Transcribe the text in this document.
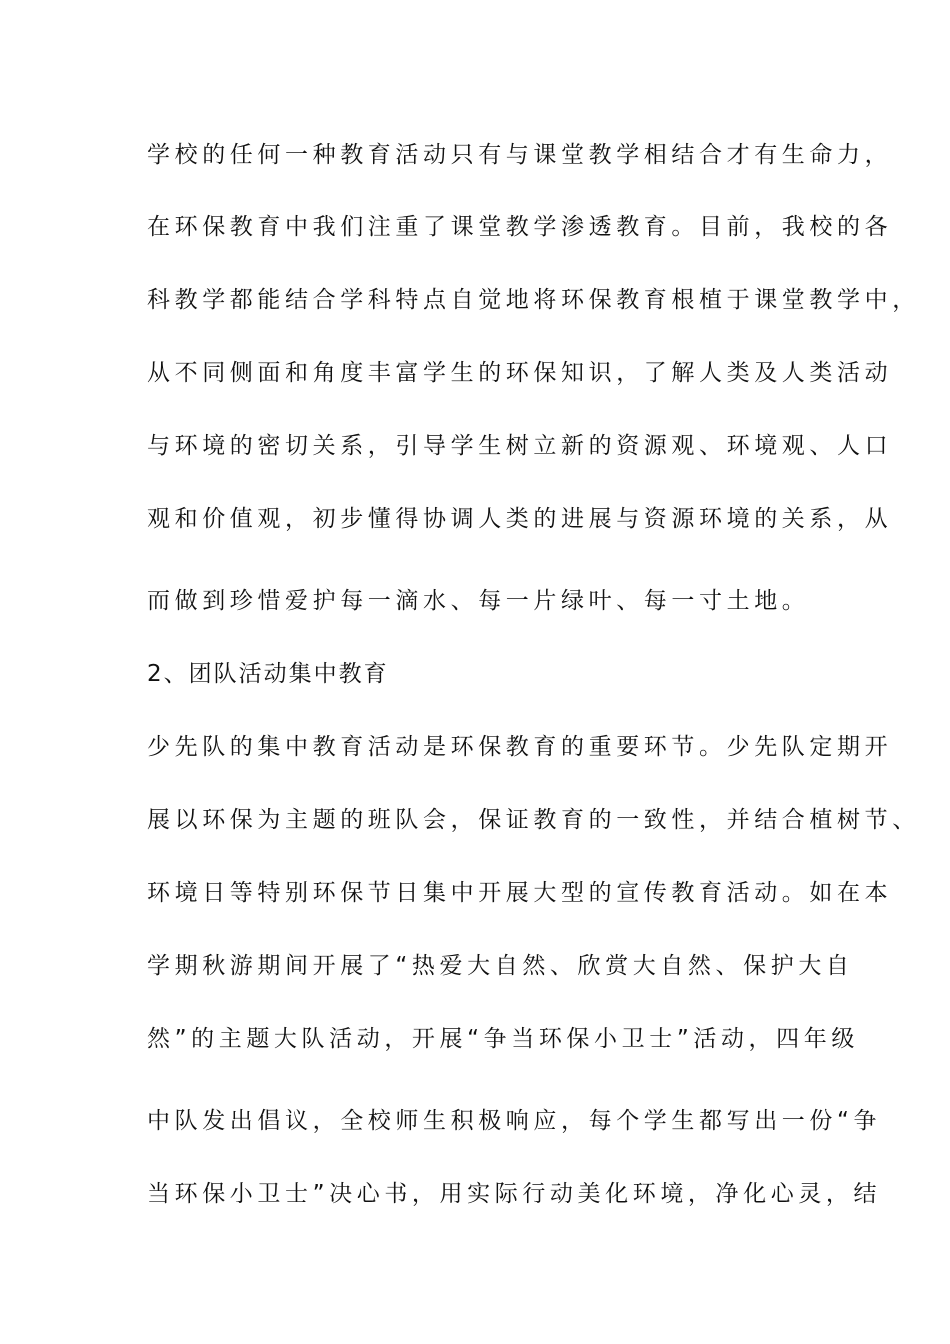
学校的任何一种教育活动只有与课堂教学相结合才有生命力，
在环保教育中我们注重了课堂教学渗透教育。目前，我校的各
科教学都能结合学科特点自觉地将环保教育根植于课堂教学中，
从不同侧面和角度丰富学生的环保知识，了解人类及人类活动
与环境的密切关系，引导学生树立新的资源观、环境观、人口
观和价值观，初步懂得协调人类的进展与资源环境的关系，从
而做到珍惜爱护每一滴水、每一片绿叶、每一寸土地。
2、团队活动集中教育
少先队的集中教育活动是环保教育的重要环节。少先队定期开
展以环保为主题的班队会，保证教育的一致性，并结合植树节、
环境日等特别环保节日集中开展大型的宣传教育活动。如在本
学期秋游期间开展了“热爱大自然、欣赏大自然、保护大自
然”的主题大队活动，开展“争当环保小卫士”活动，四年级
中队发出倡议，全校师生积极响应，每个学生都写出一份“争
当环保小卫士”决心书，用实际行动美化环境，净化心灵，结
